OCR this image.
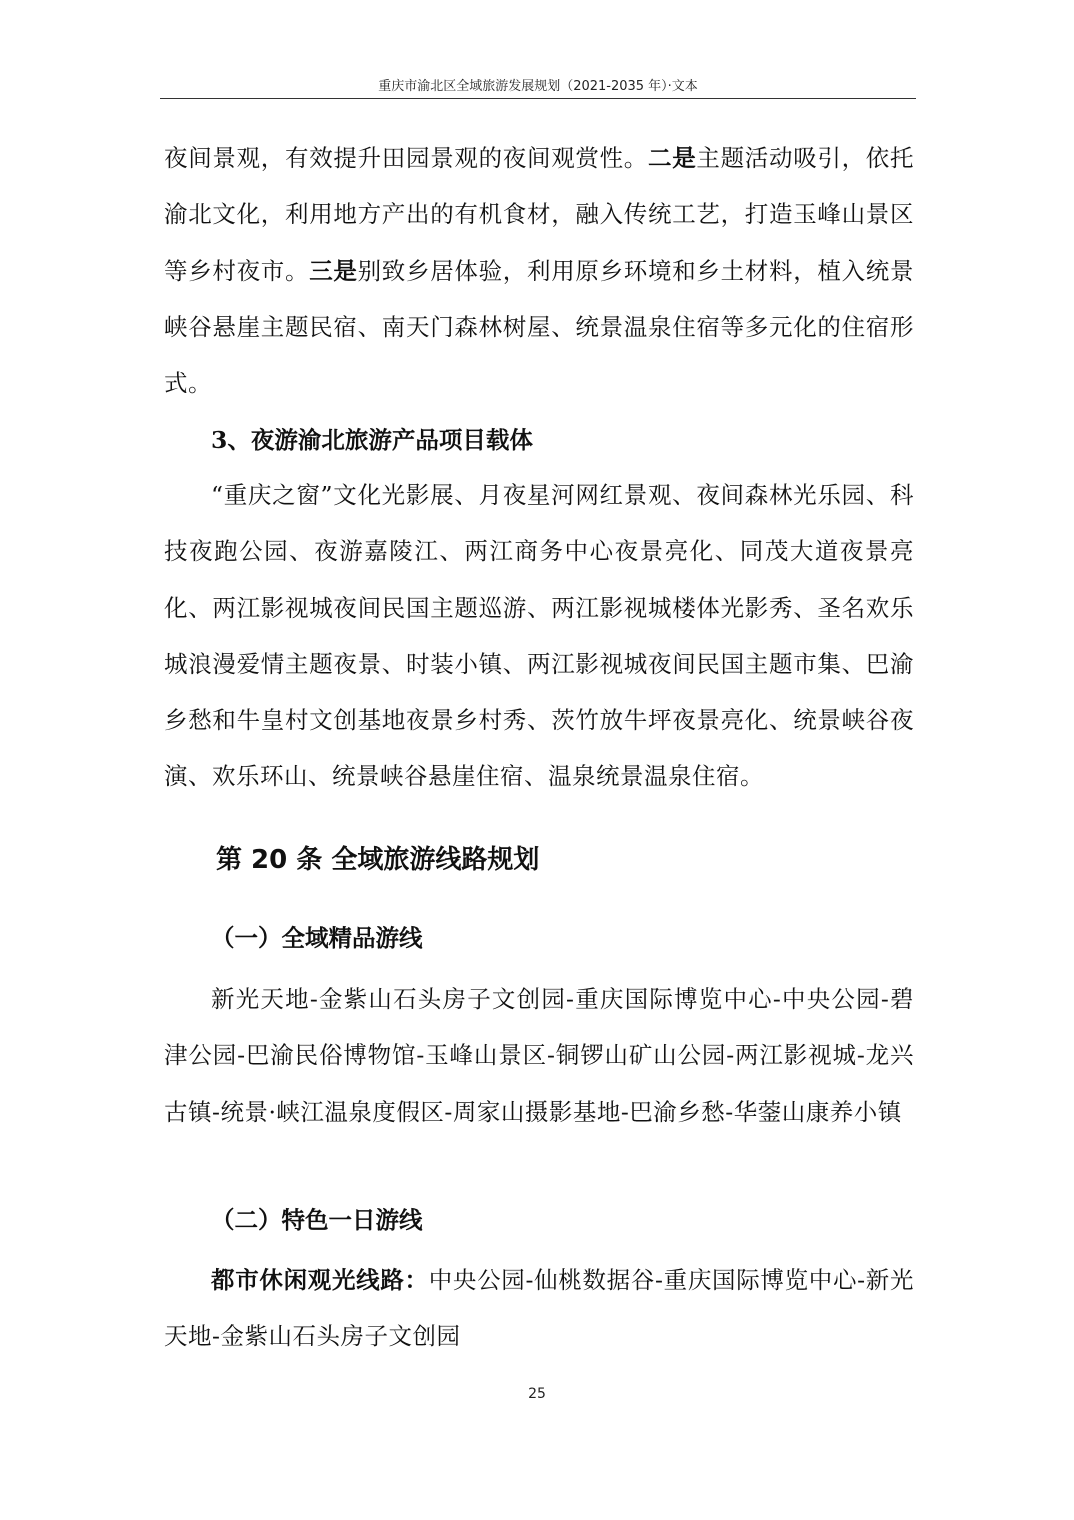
重庆市渝北区全域旅游发展规划（2021-2035 年）·文本
夜间景观，有效提升田园景观的夜间观赏性。二是主题活动吸引，依托渝北文化，利用地方产出的有机食材，融入传统工艺，打造玉峰山景区等乡村夜市。三是别致乡居体验，利用原乡环境和乡土材料，植入统景峡谷悬崖主题民宿、南天门森林树屋、统景温泉住宿等多元化的住宿形式。
3、夜游渝北旅游产品项目载体
“重庆之窗”文化光影展、月夜星河网红景观、夜间森林光乐园、科技夜跑公园、夜游嘉陵江、两江商务中心夜景亮化、同茂大道夜景亮化、两江影视城夜间民国主题巡游、两江影视城楼体光影秀、圣名欢乐城浪漫爱情主题夜景、时装小镇、两江影视城夜间民国主题市集、巴渝乡愁和牛皇村文创基地夜景乡村秀、茨竹放牛坪夜景亮化、统景峡谷夜演、欢乐环山、统景峡谷悬崖住宿、温泉统景温泉住宿。
第 20 条 全域旅游线路规划
（一）全域精品游线
新光天地-金紫山石头房子文创园-重庆国际博览中心-中央公园-碧津公园-巴渝民俗博物馆-玉峰山景区-铜锣山矿山公园-两江影视城-龙兴古镇-统景·峡江温泉度假区-周家山摄影基地-巴渝乡愁-华蓥山康养小镇
（二）特色一日游线
都市休闲观光线路：中央公园-仙桃数据谷-重庆国际博览中心-新光天地-金紫山石头房子文创园
25
